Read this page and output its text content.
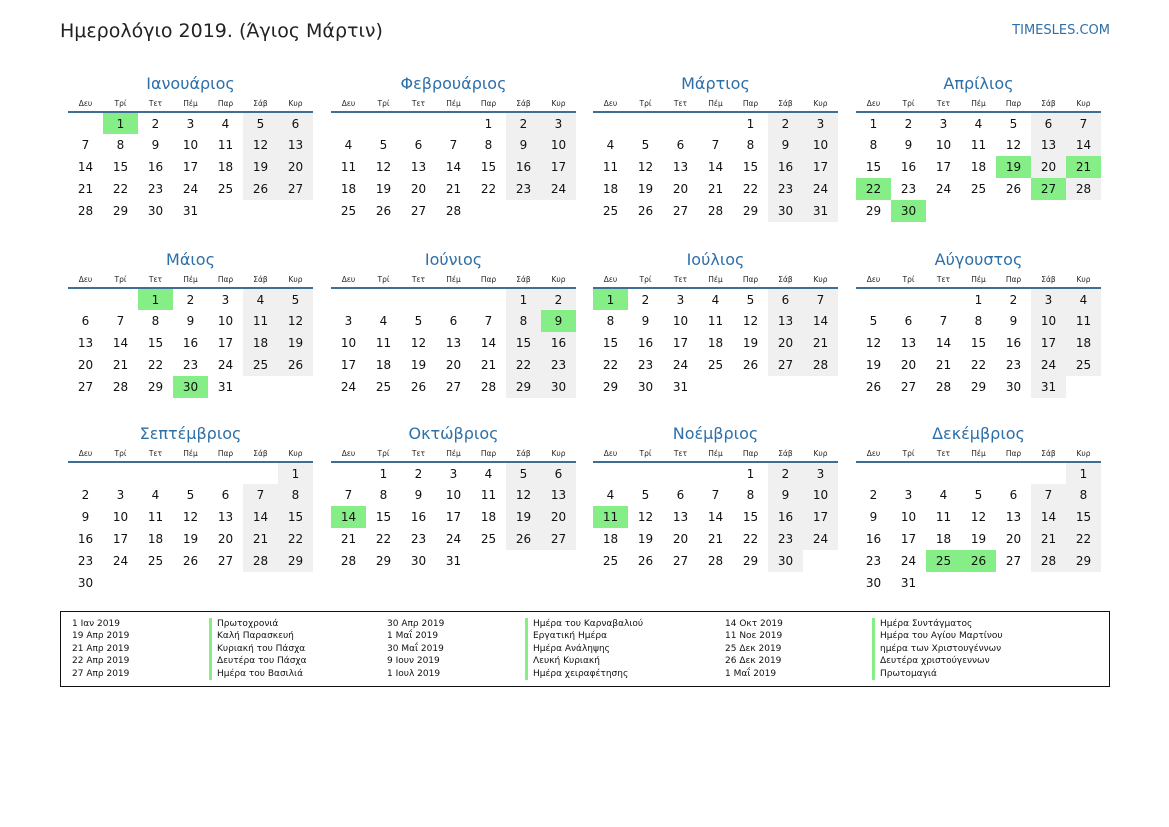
Ημερολόγιο 2019. (Άγιος Μάρτιν)	TIMESLES.COM
Ιανουάριος
Δευ	Τρί	Τετ	Πέμ	Παρ	Σάβ	Κυρ
	1	2	3	4	5	6
7	8	9	10	11	12	13
14	15	16	17	18	19	20
21	22	23	24	25	26	27
28	29	30	31			
Φεβρουάριος
Δευ	Τρί	Τετ	Πέμ	Παρ	Σάβ	Κυρ
				1	2	3
4	5	6	7	8	9	10
11	12	13	14	15	16	17
18	19	20	21	22	23	24
25	26	27	28			
Μάρτιος
Δευ	Τρί	Τετ	Πέμ	Παρ	Σάβ	Κυρ
				1	2	3
4	5	6	7	8	9	10
11	12	13	14	15	16	17
18	19	20	21	22	23	24
25	26	27	28	29	30	31
Απρίλιος
Δευ	Τρί	Τετ	Πέμ	Παρ	Σάβ	Κυρ
1	2	3	4	5	6	7
8	9	10	11	12	13	14
15	16	17	18	19	20	21
22	23	24	25	26	27	28
29	30					
Μάιος
Δευ	Τρί	Τετ	Πέμ	Παρ	Σάβ	Κυρ
		1	2	3	4	5
6	7	8	9	10	11	12
13	14	15	16	17	18	19
20	21	22	23	24	25	26
27	28	29	30	31		
Ιούνιος
Δευ	Τρί	Τετ	Πέμ	Παρ	Σάβ	Κυρ
					1	2
3	4	5	6	7	8	9
10	11	12	13	14	15	16
17	18	19	20	21	22	23
24	25	26	27	28	29	30
Ιούλιος
Δευ	Τρί	Τετ	Πέμ	Παρ	Σάβ	Κυρ
1	2	3	4	5	6	7
8	9	10	11	12	13	14
15	16	17	18	19	20	21
22	23	24	25	26	27	28
29	30	31				
Αύγουστος
Δευ	Τρί	Τετ	Πέμ	Παρ	Σάβ	Κυρ
			1	2	3	4
5	6	7	8	9	10	11
12	13	14	15	16	17	18
19	20	21	22	23	24	25
26	27	28	29	30	31	
Σεπτέμβριος
Δευ	Τρί	Τετ	Πέμ	Παρ	Σάβ	Κυρ
						1
2	3	4	5	6	7	8
9	10	11	12	13	14	15
16	17	18	19	20	21	22
23	24	25	26	27	28	29
30						
Οκτώβριος
Δευ	Τρί	Τετ	Πέμ	Παρ	Σάβ	Κυρ
	1	2	3	4	5	6
7	8	9	10	11	12	13
14	15	16	17	18	19	20
21	22	23	24	25	26	27
28	29	30	31			
Νοέμβριος
Δευ	Τρί	Τετ	Πέμ	Παρ	Σάβ	Κυρ
				1	2	3
4	5	6	7	8	9	10
11	12	13	14	15	16	17
18	19	20	21	22	23	24
25	26	27	28	29	30	
Δεκέμβριος
Δευ	Τρί	Τετ	Πέμ	Παρ	Σάβ	Κυρ
						1
2	3	4	5	6	7	8
9	10	11	12	13	14	15
16	17	18	19	20	21	22
23	24	25	26	27	28	29
30	31					
1 Ιαν 2019	Πρωτοχρονιά	30 Απρ 2019	Ημέρα του Καρναβαλιού	14 Οκτ 2019	Ημέρα Συντάγματος
19 Απρ 2019	Καλή Παρασκευή	1 Μαΐ 2019	Εργατική Ημέρα	11 Νοε 2019	Ημέρα του Αγίου Μαρτίνου
21 Απρ 2019	Κυριακή του Πάσχα	30 Μαΐ 2019	Ημέρα Ανάληψης	25 Δεκ 2019	ημέρα των Χριστουγέννων
22 Απρ 2019	Δευτέρα του Πάσχα	9 Ιουν 2019	Λευκή Κυριακή	26 Δεκ 2019	Δευτέρα χριστούγεννων
27 Απρ 2019	Ημέρα του Βασιλιά	1 Ιουλ 2019	Ημέρα χειραφέτησης	1 Μαΐ 2019	Πρωτομαγιά
